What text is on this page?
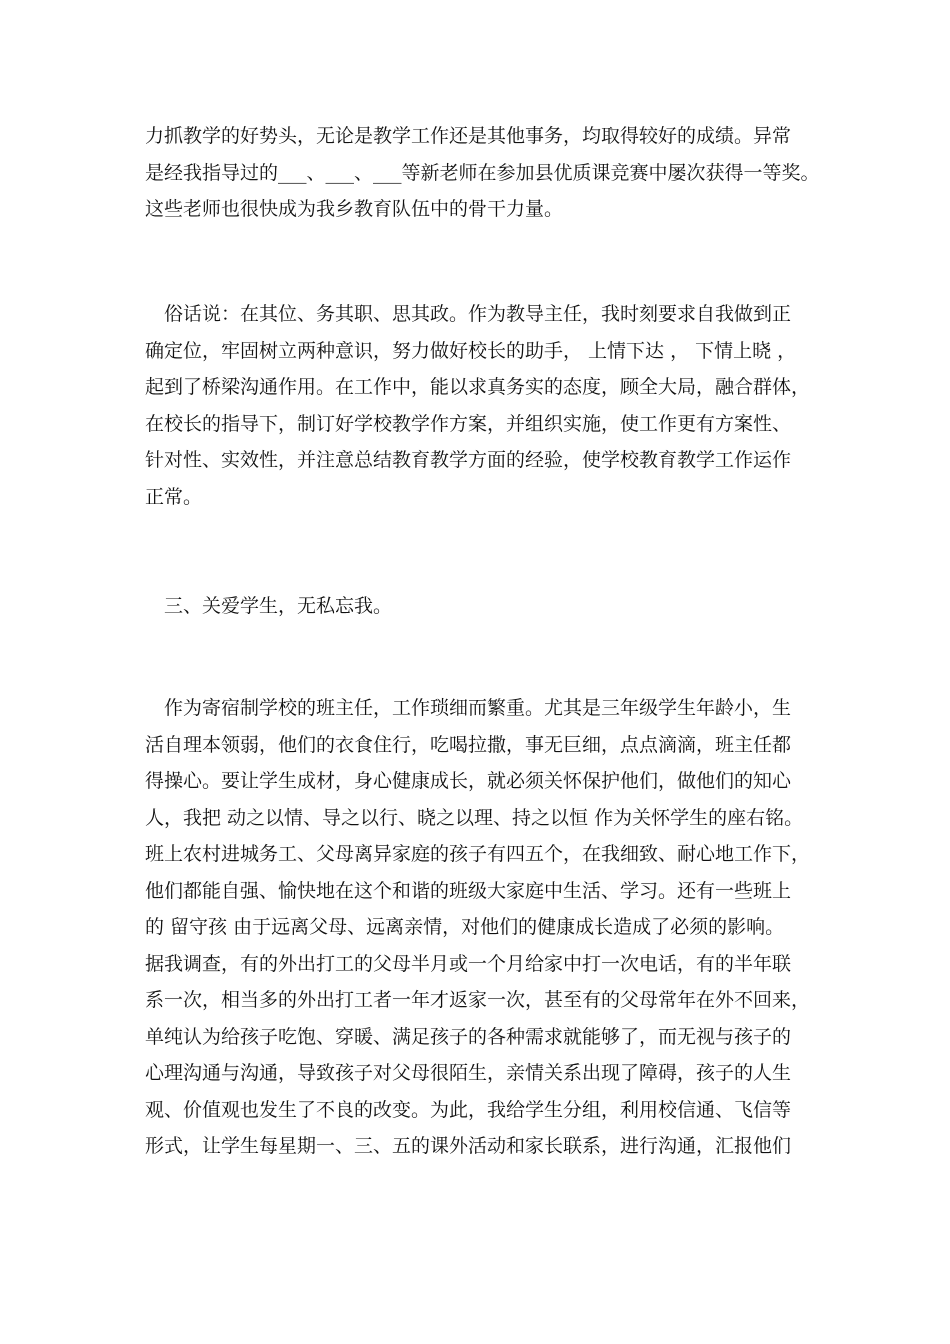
力抓教学的好势头，无论是教学工作还是其他事务，均取得较好的成绩。异常
是经我指导过的___、___、___等新老师在参加县优质课竞赛中屡次获得一等奖。
这些老师也很快成为我乡教育队伍中的骨干力量。
　俗话说：在其位、务其职、思其政。作为教导主任，我时刻要求自我做到正
确定位，牢固树立两种意识，努力做好校长的助手， 上情下达 ， 下情上晓 ，
起到了桥梁沟通作用。在工作中，能以求真务实的态度，顾全大局，融合群体，
在校长的指导下，制订好学校教学作方案，并组织实施，使工作更有方案性、
针对性、实效性，并注意总结教育教学方面的经验，使学校教育教学工作运作
正常。
　三、关爱学生，无私忘我。
　作为寄宿制学校的班主任，工作琐细而繁重。尤其是三年级学生年龄小，生
活自理本领弱，他们的衣食住行，吃喝拉撒，事无巨细，点点滴滴，班主任都
得操心。要让学生成材，身心健康成长，就必须关怀保护他们，做他们的知心
人，我把 动之以情、导之以行、晓之以理、持之以恒 作为关怀学生的座右铭。
班上农村进城务工、父母离异家庭的孩子有四五个，在我细致、耐心地工作下，
他们都能自强、愉快地在这个和谐的班级大家庭中生活、学习。还有一些班上
的 留守孩 由于远离父母、远离亲情，对他们的健康成长造成了必须的影响。
据我调查，有的外出打工的父母半月或一个月给家中打一次电话，有的半年联
系一次，相当多的外出打工者一年才返家一次，甚至有的父母常年在外不回来，
单纯认为给孩子吃饱、穿暖、满足孩子的各种需求就能够了，而无视与孩子的
心理沟通与沟通，导致孩子对父母很陌生，亲情关系出现了障碍，孩子的人生
观、价值观也发生了不良的改变。为此，我给学生分组，利用校信通、飞信等
形式，让学生每星期一、三、五的课外活动和家长联系，进行沟通，汇报他们
